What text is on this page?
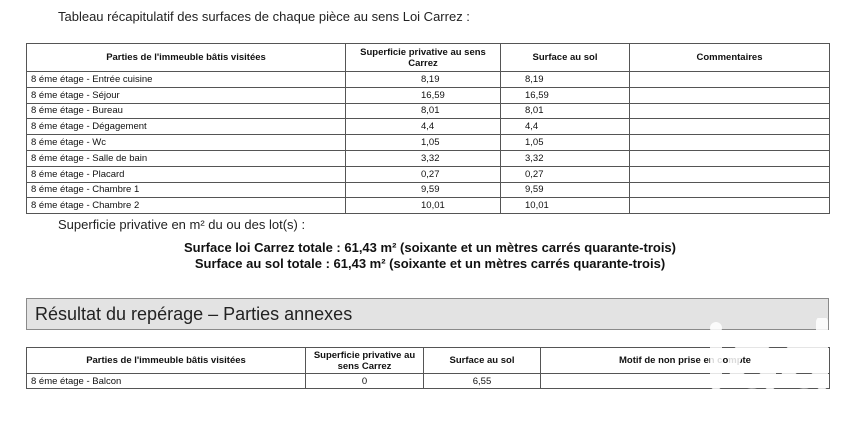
Tableau récapitulatif des surfaces de chaque pièce au sens Loi Carrez :
Parties de l'immeuble bâtis visitées	Superficie privative au sens Carrez	Surface au sol	Commentaires
8 éme étage - Entrée cuisine	8,19	8,19	
8 éme étage - Séjour	16,59	16,59	
8 éme étage - Bureau	8,01	8,01	
8 éme étage - Dégagement	4,4	4,4	
8 éme étage - Wc	1,05	1,05	
8 éme étage - Salle de bain	3,32	3,32	
8 éme étage - Placard	0,27	0,27	
8 éme étage - Chambre 1	9,59	9,59	
8 éme étage - Chambre 2	10,01	10,01	
Superficie privative en m² du ou des lot(s) :
Surface loi Carrez totale : 61,43 m² (soixante et un mètres carrés quarante-trois)
Surface au sol totale : 61,43 m² (soixante et un mètres carrés quarante-trois)
Résultat du repérage – Parties annexes
Parties de l'immeuble bâtis visitées	Superficie privative au sens Carrez	Surface au sol	Motif de non prise en compte
8 éme étage - Balcon	0	6,55	
